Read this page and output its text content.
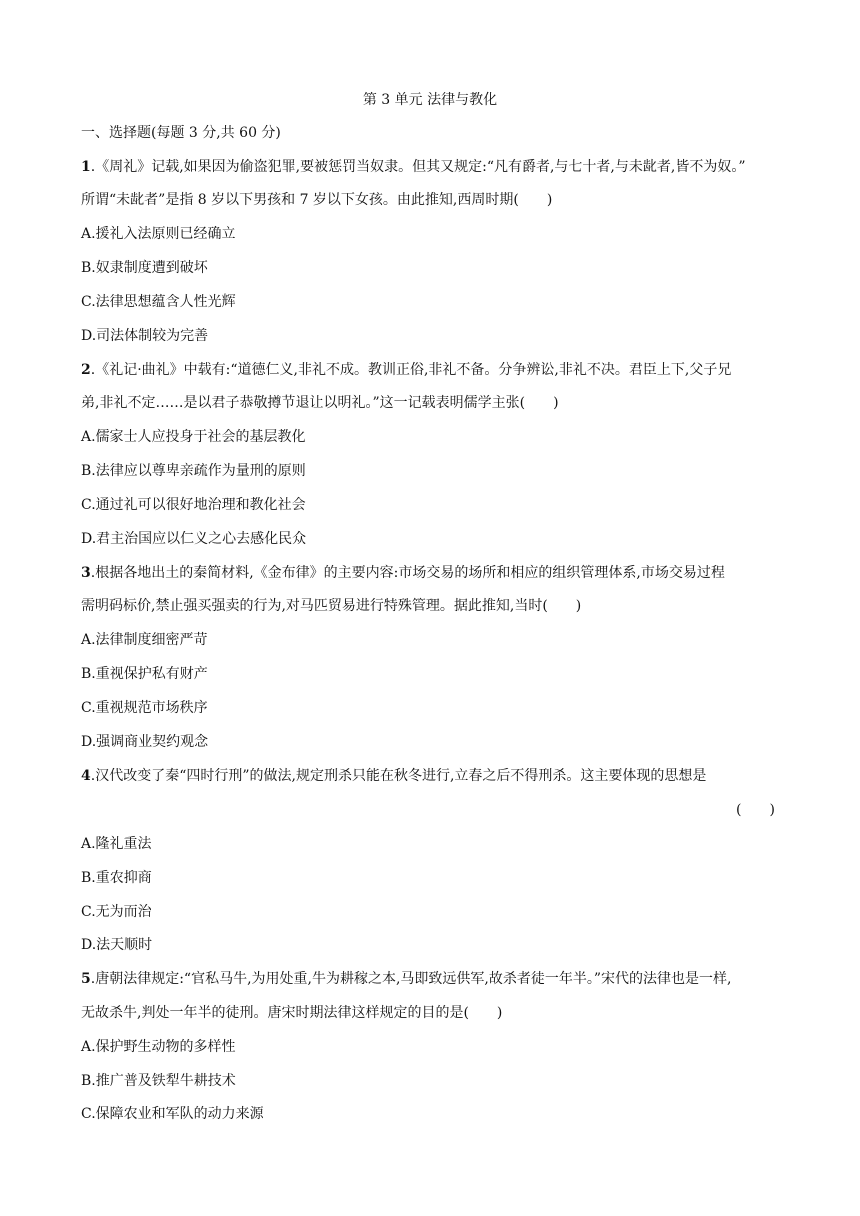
第 3 单元 法律与教化
一、选择题(每题 3 分,共 60 分)
1.《周礼》记载,如果因为偷盗犯罪,要被惩罚当奴隶。但其又规定:“凡有爵者,与七十者,与未龀者,皆不为奴。”
所谓“未龀者”是指 8 岁以下男孩和 7 岁以下女孩。由此推知,西周时期(　　)
A.援礼入法原则已经确立
B.奴隶制度遭到破坏
C.法律思想蕴含人性光辉
D.司法体制较为完善
2.《礼记·曲礼》中载有:“道德仁义,非礼不成。教训正俗,非礼不备。分争辨讼,非礼不决。君臣上下,父子兄
弟,非礼不定……是以君子恭敬撙节退让以明礼。”这一记载表明儒学主张(　　)
A.儒家士人应投身于社会的基层教化
B.法律应以尊卑亲疏作为量刑的原则
C.通过礼可以很好地治理和教化社会
D.君主治国应以仁义之心去感化民众
3.根据各地出土的秦简材料,《金布律》的主要内容:市场交易的场所和相应的组织管理体系,市场交易过程
需明码标价,禁止强买强卖的行为,对马匹贸易进行特殊管理。据此推知,当时(　　)
A.法律制度细密严苛
B.重视保护私有财产
C.重视规范市场秩序
D.强调商业契约观念
4.汉代改变了秦“四时行刑”的做法,规定刑杀只能在秋冬进行,立春之后不得刑杀。这主要体现的思想是
(　　)
A.隆礼重法
B.重农抑商
C.无为而治
D.法天顺时
5.唐朝法律规定:“官私马牛,为用处重,牛为耕稼之本,马即致远供军,故杀者徒一年半。”宋代的法律也是一样,
无故杀牛,判处一年半的徒刑。唐宋时期法律这样规定的目的是(　　)
A.保护野生动物的多样性
B.推广普及铁犁牛耕技术
C.保障农业和军队的动力来源
